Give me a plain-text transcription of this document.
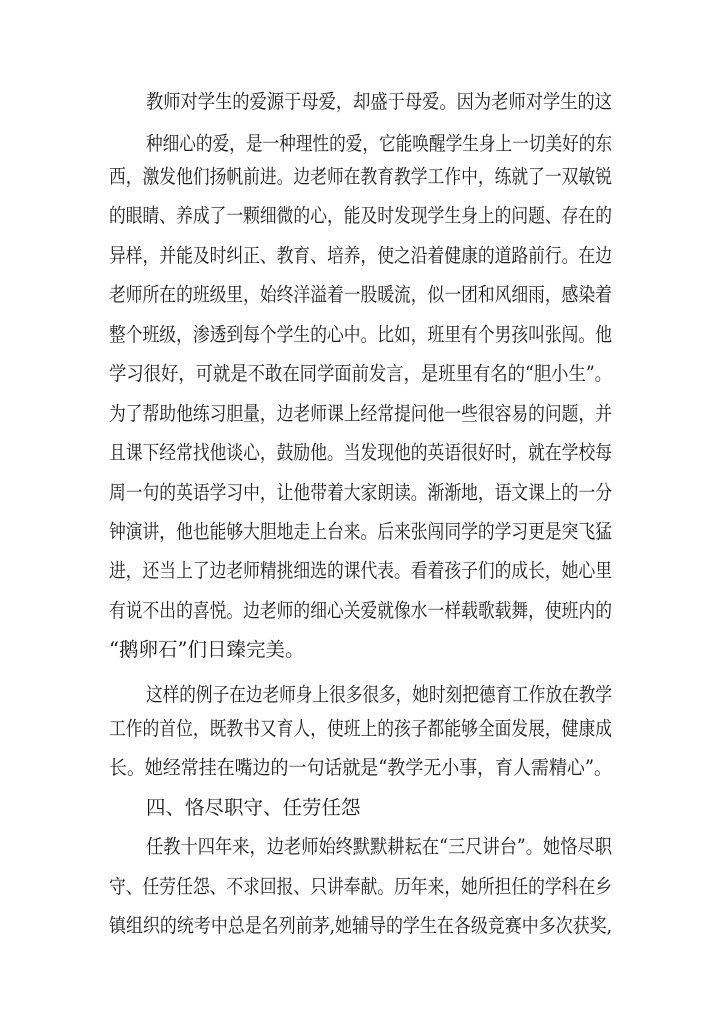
教师对学生的爱源于母爱，却盛于母爱。因为老师对学生的这
种细心的爱，是一种理性的爱，它能唤醒学生身上一切美好的东
西，激发他们扬帆前进。边老师在教育教学工作中，练就了一双敏锐
的眼睛、养成了一颗细微的心，能及时发现学生身上的问题、存在的
异样，并能及时纠正、教育、培养，使之沿着健康的道路前行。在边
老师所在的班级里，始终洋溢着一股暖流，似一团和风细雨，感染着
整个班级，渗透到每个学生的心中。比如，班里有个男孩叫张闯。他
学习很好，可就是不敢在同学面前发言，是班里有名的“胆小生”。
为了帮助他练习胆量，边老师课上经常提问他一些很容易的问题，并
且课下经常找他谈心，鼓励他。当发现他的英语很好时，就在学校每
周一句的英语学习中，让他带着大家朗读。渐渐地，语文课上的一分
钟演讲，他也能够大胆地走上台来。后来张闯同学的学习更是突飞猛
进，还当上了边老师精挑细选的课代表。看着孩子们的成长，她心里
有说不出的喜悦。边老师的细心关爱就像水一样载歌载舞，使班内的
“鹅卵石”们日臻完美。
这样的例子在边老师身上很多很多，她时刻把德育工作放在教学
工作的首位，既教书又育人，使班上的孩子都能够全面发展，健康成
长。她经常挂在嘴边的一句话就是“教学无小事，育人需精心”。
四、恪尽职守、任劳任怨
任教十四年来，边老师始终默默耕耘在“三尺讲台”。她恪尽职
守、任劳任怨、不求回报、只讲奉献。历年来，她所担任的学科在乡
镇组织的统考中总是名列前茅,她辅导的学生在各级竞赛中多次获奖,
